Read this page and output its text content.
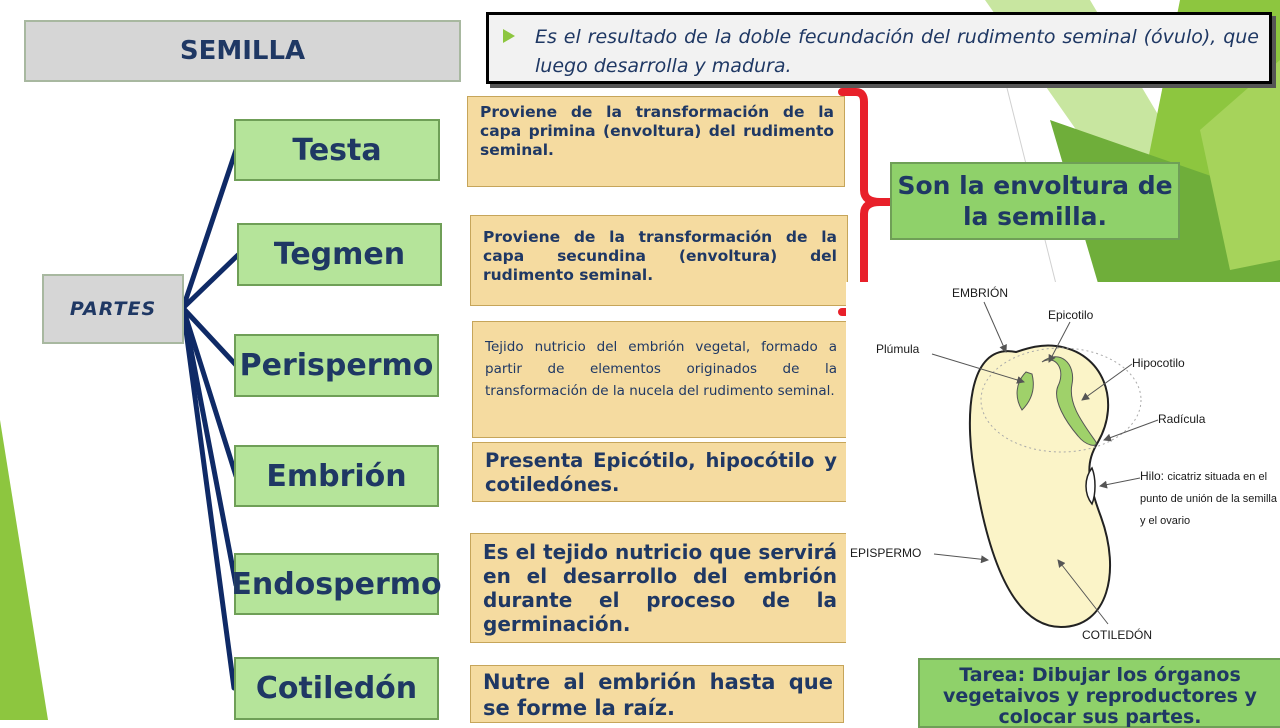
SEMILLA	Es el resultado de la doble fecundación del rudimento seminal (óvulo), que luego desarrolla y madura.
PARTES
Testa
Tegmen
Perispermo
Embrión
Endospermo
Cotiledón
Proviene de la transformación de la capa primina (envoltura) del rudimento seminal.
Proviene de la transformación de la capa secundina (envoltura) del rudimento seminal.
Tejido nutricio del embrión vegetal, formado a partir de elementos originados de la transformación de la nucela del rudimento seminal.
Presenta Epicótilo, hipocótilo y cotiledónes.
Es el tejido nutricio que servirá en el desarrollo del embrión durante el proceso de la germinación.
Nutre al embrión hasta que se forme la raíz.
Son la envoltura de la semilla.
EMBRIÓN
Epicotilo
Plúmula
Hipocotilo
Radícula
Hilo: cicatriz situada en el punto de unión de la semilla y el ovario
EPISPERMO
COTILEDÓN
Tarea: Dibujar los órganos vegetaivos y reproductores y colocar sus partes.
